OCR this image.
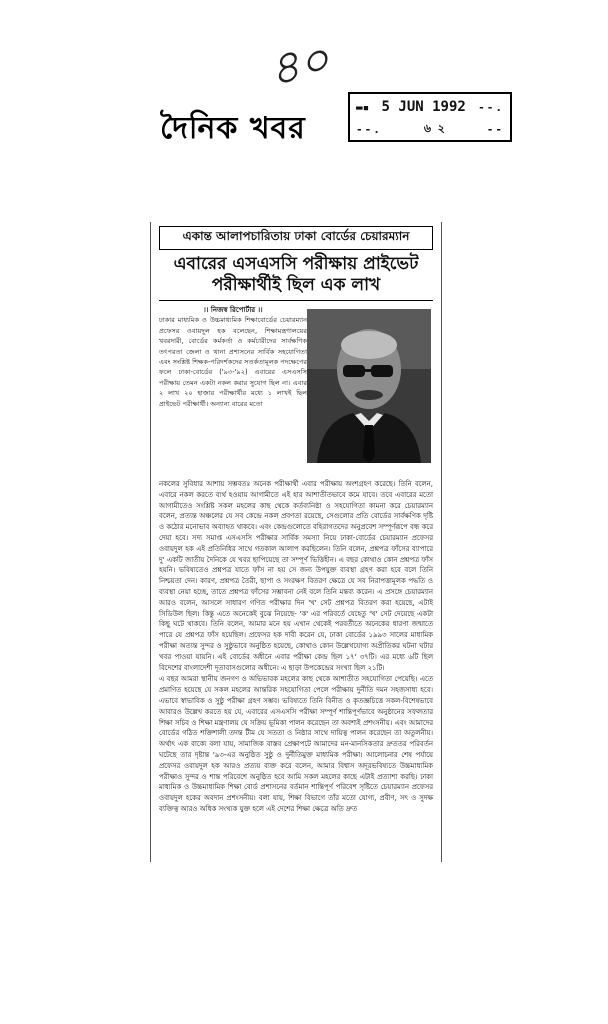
৪০
দৈনিক খবর
▬▪ 5 JUN 1992 --.
--.	৬ ২	--
একান্ত আলাপচারিতায় ঢাকা বোর্ডের চেয়ারম্যান
এবারের এসএসসি পরীক্ষায় প্রাইভেট
পরীক্ষার্থীই ছিল এক লাখ
।। নিজস্ব রিপোর্টার ।।
ঢাকার মাধ্যমিক ও উচ্চমাধ্যমিক শিক্ষাবোর্ডের চেয়ারম্যান প্রফেসর ওবায়দুল হক বলেছেন, শিক্ষামন্ত্রণালয়ের খবরদারী, বোর্ডের কর্মকর্তা ও কর্মচারীদের সার্বক্ষণিক তৎপরতা জেলা ও থানা প্রশাসনের সার্বিক সহযোগিতা এবং সংশ্লিষ্ট শিক্ষক-পরিদর্শকদের সতর্কতামূলক পদক্ষেপের ফলে ঢাকা-বোর্ডের ('৯৩-'৯২) এবারের এসএসসি পরীক্ষায় তেমন একটা নকল করার সুযোগ ছিল না। এবার ২ লাখ ২০ হাজার পরীক্ষার্থীর মধ্যে ১ লাখই ছিল প্রাইভেট পরীক্ষার্থী। অন্যান্য বারের মতো

নকলের সুবিধার আশায় সম্ভবতঃ অনেক পরীক্ষার্থী এবার পরীক্ষায় অংশগ্রহণ করেছে। তিনি বলেন, এবারে নকল করতে ব্যর্থ হওয়ায় আগামীতে এই হার আশাতীতভাবে কমে যাবে। তবে এবারের মতো আগামীতেও সংশ্লিষ্ট সকল মহলের কাছ থেকে কর্তব্যনিষ্ঠা ও সহযোগিতা কামনা করে চেয়ারম্যান বলেন, প্রত্যন্ত অঞ্চলের যে সব কেন্দ্রে নকল প্রবণতা রয়েছে, সেগুলোর প্রতি বোর্ডের সার্বক্ষণিক দৃষ্টি ও কঠোর মনোভাব অব্যাহত থাকবে। এবং কেন্দ্রগুলোতে বহিরাগতদের অনুপ্রবেশ সম্পূর্ণরূপে বন্ধ করে দেয়া হবে। সদ্য সমাপ্ত এসএসসি পরীক্ষার সার্বিক সমস্যা নিয়ে ঢাকা-বোর্ডের চেয়ারম্যান প্রফেসর ওবায়দুল হক এই প্রতিনিধির সাথে গতকাল আলাপ করছিলেন। তিনি বলেন, প্রশ্নপত্র ফাঁসের ব্যাপারে দু' একটি জাতীয় দৈনিকে যে খবর ছাপিয়েছে তা সম্পূর্ণ ভিত্তিহীন। এ বছর কোথাও কোন প্রশ্নপত্র ফাঁস হয়নি। ভবিষ্যতেও প্রশ্নপত্র যাতে ফাঁস না হয় সে জন্য উপযুক্ত ব্যবস্থা গ্রহণ করা হবে বলে তিনি নিশ্চয়তা দেন। কারণ, প্রশ্নপত্র তৈরী, ছাপা ও সংরক্ষণ বিতরণ ক্ষেত্রে যে সব নিরাপত্তামূলক পদ্ধতি ও ব্যবস্থা নেয়া হচ্ছে, তাতে প্রশ্নপত্র ফাঁসের সম্ভাবনা নেই বলে তিনি মন্তব্য করেন। এ প্রসঙ্গে চেয়ারম্যান আরও বলেন, আসলে সাধারণ গণিত পরীক্ষার দিন 'খ' সেট প্রশ্নপত্র বিতরণ করা হয়েছে, এটাই সিডিউল ছিল। কিন্তু এতে অনেকেই বুঝে নিয়েছে- 'ক' এর পরিবর্তে যেহেতু 'খ' সেট দেয়েছে একটা কিছু ঘটে থাকবে। তিনি বলেন, আমার মনে হয় এখান থেকেই পরবর্তীতে অনেকের ধারণা জন্মাতে পারে যে প্রশ্নপত্র ফাঁস হয়েছিল। প্রফেসর হক দাবী করেন যে, ঢাকা বোর্ডের ১৯৯৩ সালের মাধ্যমিক পরীক্ষা অত্যন্ত সুন্দর ও সুষ্ঠুভাবে অনুষ্ঠিত হয়েছে, কোথাও কোন উল্লেখযোগ্য অপ্রীতিকর ঘটনা ঘটার খবর পাওয়া যায়নি। এই বোর্ডের অধীনে এবার পরীক্ষা কেন্দ্র ছিল ১৭' ৩৭টি। এর মধ্যে ৬টি ছিল বিদেশের বাংলাদেশী দূতাবাসগুলোর অধীনে। এ ছাড়া উপকেন্দ্রের সংখ্যা ছিল ২১টি।

এ বছর আমরা স্থানীয় জনগণ ও অভিভাবক মহলের কাছ থেকে আশাতীত সহযোগিতা পেয়েছি। এতে প্রমাণিত হয়েছে যে সকল মহলের আন্তরিক সহযোগিতা পেলে পরীক্ষায় দুর্নীতি দমন সহজসাধ্য হবে। এভাবে স্বাভাবিক ও সুষ্ঠু পরীক্ষা গ্রহণ সম্ভব। ভবিষ্যতে তিনি বিনীত ও কৃতজ্ঞচিত্তে সকল-বিশেষভাবে আবারও উল্লেখ করতে হয় যে, এবারের এসএসসি পরীক্ষা সম্পূর্ণ শান্তিপূর্ণভাবে অনুষ্ঠানের সফলতার শিক্ষা সচিব ও শিক্ষা মন্ত্রণালয় যে সক্রিয় ভূমিকা পালন করেছেন তা অবশ্যই প্রশংসনীয়। এবং আমাদের বোর্ডের গঠিত শক্তিশালী তদন্ত টীম যে সততা ও নিষ্ঠার সাথে দায়িত্ব পালন করেছেন তা অতুলনীয়। অর্থাৎ এক বাক্যে বলা যায়, সামাজিক বাস্তব প্রেক্ষাপটে আমাদের মন-মানসিকতার দ্রুততর পরিবর্তন ঘটেছে তার দৃষ্টান্ত '৯৩-এর অনুষ্ঠিত সুষ্ঠু ও দুর্নীতিমুক্ত মাধ্যমিক পরীক্ষা। আলোচনার শেষ পর্যায়ে প্রফেসর ওবায়দুল হক আরও প্রত্যয় ব্যক্ত করে বলেন, আমার বিশ্বাস অদূরভবিষ্যতে উচ্চমাধ্যমিক পরীক্ষাও সুন্দর ও শান্ত পরিবেশে অনুষ্ঠিত হবে আমি সকল মহলের কাছে এটাই প্রত্যাশা করছি। ঢাকা মাধ্যমিক ও উচ্চমাধ্যমিক শিক্ষা বোর্ড প্রশাসনের বর্তমান শান্তিপূর্ণ পরিবেশ সৃষ্টিতে চেয়ারম্যান প্রফেসর ওবায়দুল হকের অবদান প্রশংসনীয়। বলা যায়, শিক্ষা বিভাগে তাঁর মতো যোগ্য, প্রবীণ, সৎ ও সুদক্ষ ব্যক্তিত্ব আরও অধিক সংখ্যক যুক্ত হলে এই দেশের শিক্ষা ক্ষেত্রে অতি দ্রুত
